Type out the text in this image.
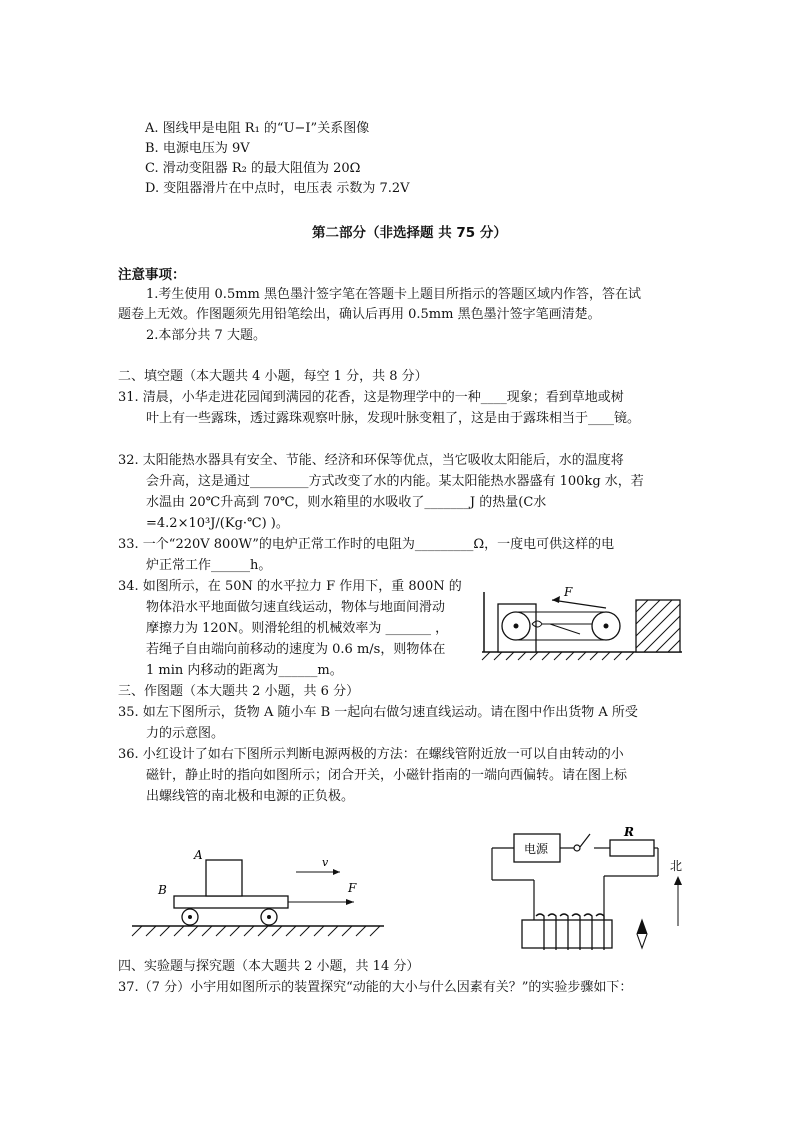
A. 图线甲是电阻 R₁ 的“U−I”关系图像
B. 电源电压为 9V
C. 滑动变阻器 R₂ 的最大阻值为 20Ω
D. 变阻器滑片在中点时，电压表 示数为 7.2V
第二部分（非选择题 共 75 分）
注意事项：
1.考生使用 0.5mm 黑色墨汁签字笔在答题卡上题目所指示的答题区域内作答，答在试
题卷上无效。作图题须先用铅笔绘出，确认后再用 0.5mm 黑色墨汁签字笔画清楚。
2.本部分共 7 大题。
二、填空题（本大题共 4 小题，每空 1 分，共 8 分）
31. 清晨，小华走进花园闻到满园的花香，这是物理学中的一种____现象；看到草地或树
叶上有一些露珠，透过露珠观察叶脉，发现叶脉变粗了，这是由于露珠相当于____镜。
32. 太阳能热水器具有安全、节能、经济和环保等优点，当它吸收太阳能后，水的温度将
会升高，这是通过_________方式改变了水的内能。某太阳能热水器盛有 100kg 水，若
水温由 20℃升高到 70℃，则水箱里的水吸收了_______J 的热量(C水
=4.2×10³J/(Kg·℃) )。
33. 一个“220V 800W”的电炉正常工作时的电阻为_________Ω，一度电可供这样的电
炉正常工作______h。
34. 如图所示，在 50N 的水平拉力 F 作用下，重 800N 的
物体沿水平地面做匀速直线运动，物体与地面间滑动
摩擦力为 120N。则滑轮组的机械效率为 _______ ，
若绳子自由端向前移动的速度为 0.6 m/s，则物体在
1 min 内移动的距离为______m。
F
三、作图题（本大题共 2 小题，共 6 分）
35. 如左下图所示，货物 A 随小车 B 一起向右做匀速直线运动。请在图中作出货物 A 所受
力的示意图。
36. 小红设计了如右下图所示判断电源两极的方法：在螺线管附近放一可以自由转动的小
磁针，静止时的指向如图所示；闭合开关，小磁针指南的一端向西偏转。请在图上标
出螺线管的南北极和电源的正负极。
A
B
v
F
电源
R
北
四、实验题与探究题（本大题共 2 小题，共 14 分）
37.（7 分）小宇用如图所示的装置探究“动能的大小与什么因素有关？”的实验步骤如下：
